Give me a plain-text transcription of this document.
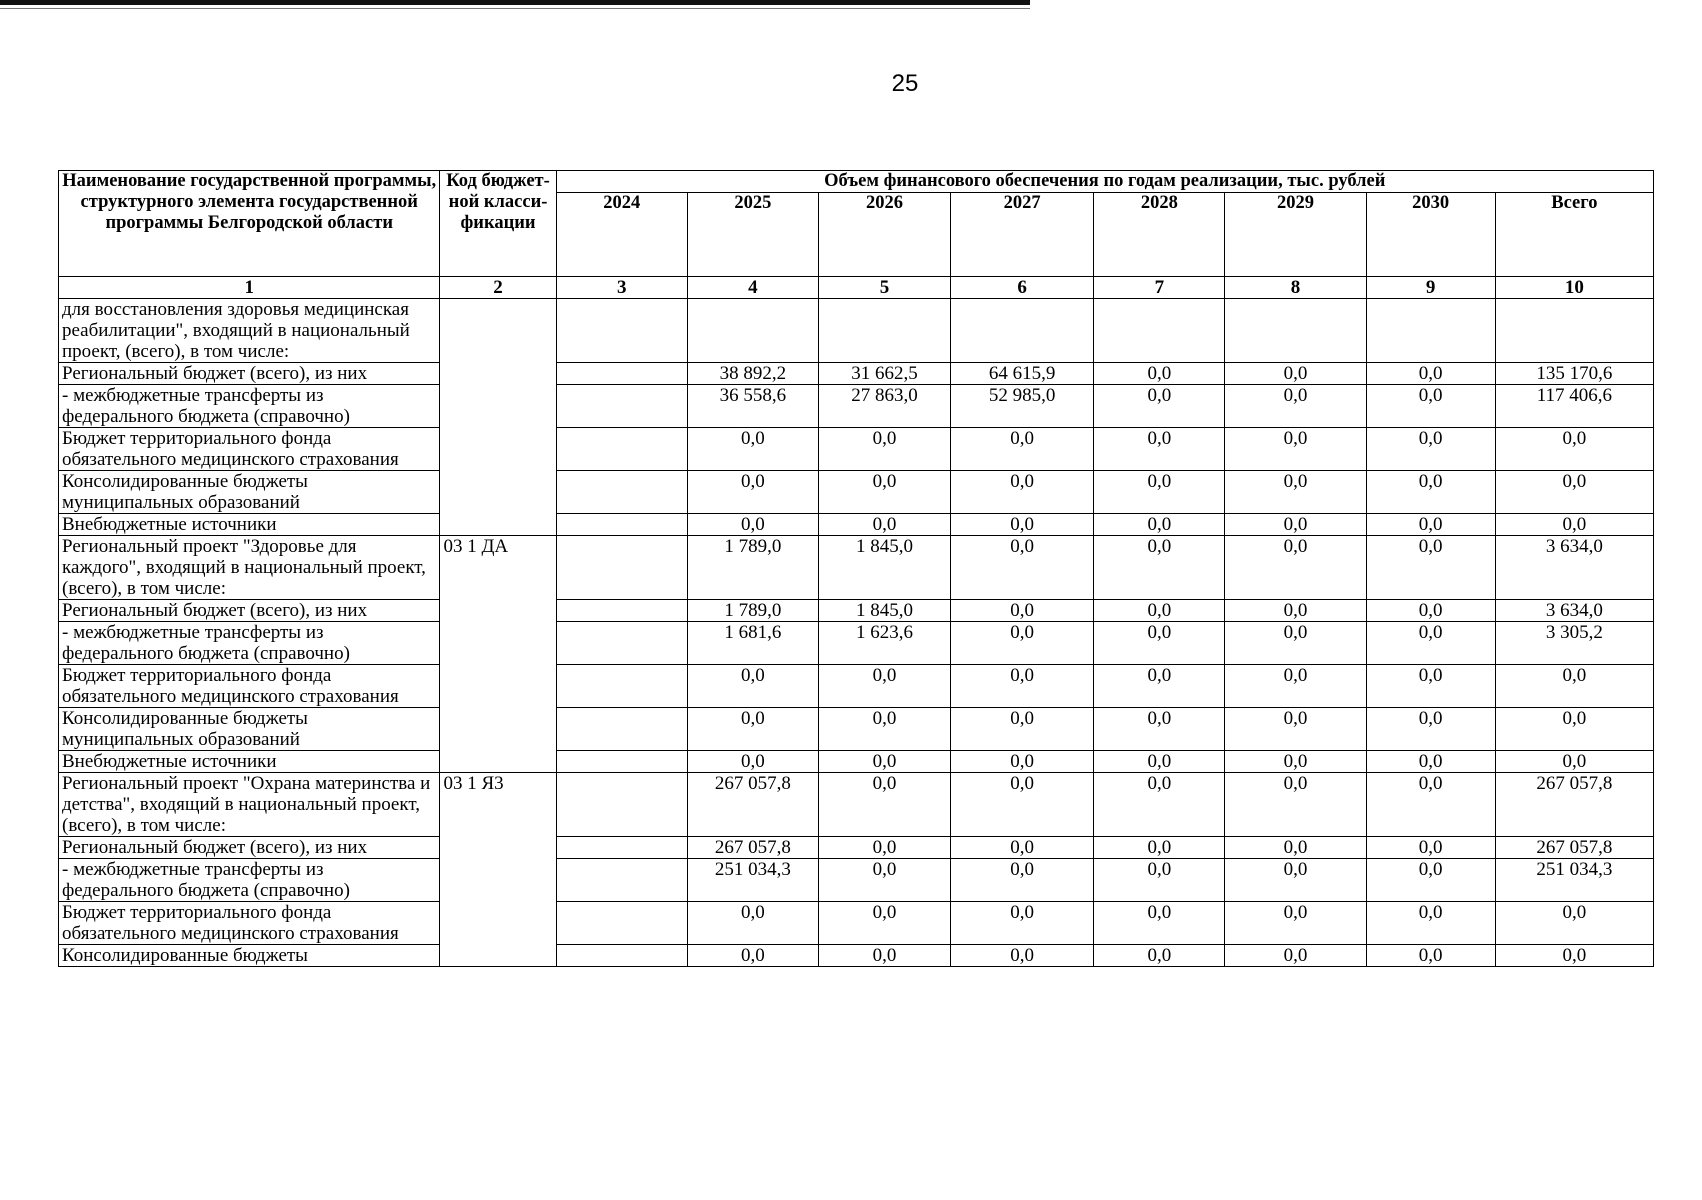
25
Наименование государственной программы, структурного элемента государственной программы Белгородской области	Код бюджет-ной класси-фикации	Объем финансового обеспечения по годам реализации, тыс. рублей							
		2024	2025	2026	2027	2028	2029	2030	Всего
1	2	3	4	5	6	7	8	9	10
для восстановления здоровья медицинская реабилитации", входящий в национальный проект, (всего), в том числе:									
Региональный бюджет (всего), из них			38 892,2	31 662,5	64 615,9	0,0	0,0	0,0	135 170,6
- межбюджетные трансферты из федерального бюджета (справочно)			36 558,6	27 863,0	52 985,0	0,0	0,0	0,0	117 406,6
Бюджет территориального фонда обязательного медицинского страхования			0,0	0,0	0,0	0,0	0,0	0,0	0,0
Консолидированные бюджеты муниципальных образований			0,0	0,0	0,0	0,0	0,0	0,0	0,0
Внебюджетные источники			0,0	0,0	0,0	0,0	0,0	0,0	0,0
Региональный проект "Здоровье для каждого", входящий в национальный проект, (всего), в том числе:	03 1 ДА		1 789,0	1 845,0	0,0	0,0	0,0	0,0	3 634,0
Региональный бюджет (всего), из них			1 789,0	1 845,0	0,0	0,0	0,0	0,0	3 634,0
- межбюджетные трансферты из федерального бюджета (справочно)			1 681,6	1 623,6	0,0	0,0	0,0	0,0	3 305,2
Бюджет территориального фонда обязательного медицинского страхования			0,0	0,0	0,0	0,0	0,0	0,0	0,0
Консолидированные бюджеты муниципальных образований			0,0	0,0	0,0	0,0	0,0	0,0	0,0
Внебюджетные источники			0,0	0,0	0,0	0,0	0,0	0,0	0,0
Региональный проект "Охрана материнства и детства", входящий в национальный проект, (всего), в том числе:	03 1 Я3		267 057,8	0,0	0,0	0,0	0,0	0,0	267 057,8
Региональный бюджет (всего), из них			267 057,8	0,0	0,0	0,0	0,0	0,0	267 057,8
- межбюджетные трансферты из федерального бюджета (справочно)			251 034,3	0,0	0,0	0,0	0,0	0,0	251 034,3
Бюджет территориального фонда обязательного медицинского страхования			0,0	0,0	0,0	0,0	0,0	0,0	0,0
Консолидированные бюджеты			0,0	0,0	0,0	0,0	0,0	0,0	0,0
